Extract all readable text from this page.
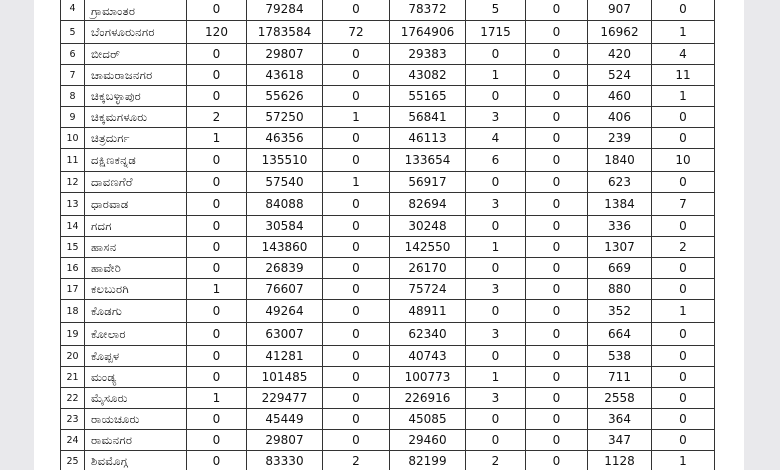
4	ಗ್ರಾಮಾಂತರ	0	79284	0	78372	5	0	907	0
5	ಬೆಂಗಳೂರುನಗರ	120	1783584	72	1764906	1715	0	16962	1
6	ಬೀದರ್	0	29807	0	29383	0	0	420	4
7	ಚಾಮರಾಜನಗರ	0	43618	0	43082	1	0	524	11
8	ಚಿಕ್ಕಬಳ್ಳಾಪುರ	0	55626	0	55165	0	0	460	1
9	ಚಿಕ್ಕಮಗಳೂರು	2	57250	1	56841	3	0	406	0
10	ಚಿತ್ರದುರ್ಗ	1	46356	0	46113	4	0	239	0
11	ದಕ್ಷಿಣಕನ್ನಡ	0	135510	0	133654	6	0	1840	10
12	ದಾವಣಗೆರೆ	0	57540	1	56917	0	0	623	0
13	ಧಾರವಾಡ	0	84088	0	82694	3	0	1384	7
14	ಗದಗ	0	30584	0	30248	0	0	336	0
15	ಹಾಸನ	0	143860	0	142550	1	0	1307	2
16	ಹಾವೇರಿ	0	26839	0	26170	0	0	669	0
17	ಕಲಬುರಗಿ	1	76607	0	75724	3	0	880	0
18	ಕೊಡಗು	0	49264	0	48911	0	0	352	1
19	ಕೋಲಾರ	0	63007	0	62340	3	0	664	0
20	ಕೊಪ್ಪಳ	0	41281	0	40743	0	0	538	0
21	ಮಂಡ್ಯ	0	101485	0	100773	1	0	711	0
22	ಮೈಸೂರು	1	229477	0	226916	3	0	2558	0
23	ರಾಯಚೂರು	0	45449	0	45085	0	0	364	0
24	ರಾಮನಗರ	0	29807	0	29460	0	0	347	0
25	ಶಿವಮೊಗ್ಗ	0	83330	2	82199	2	0	1128	1
